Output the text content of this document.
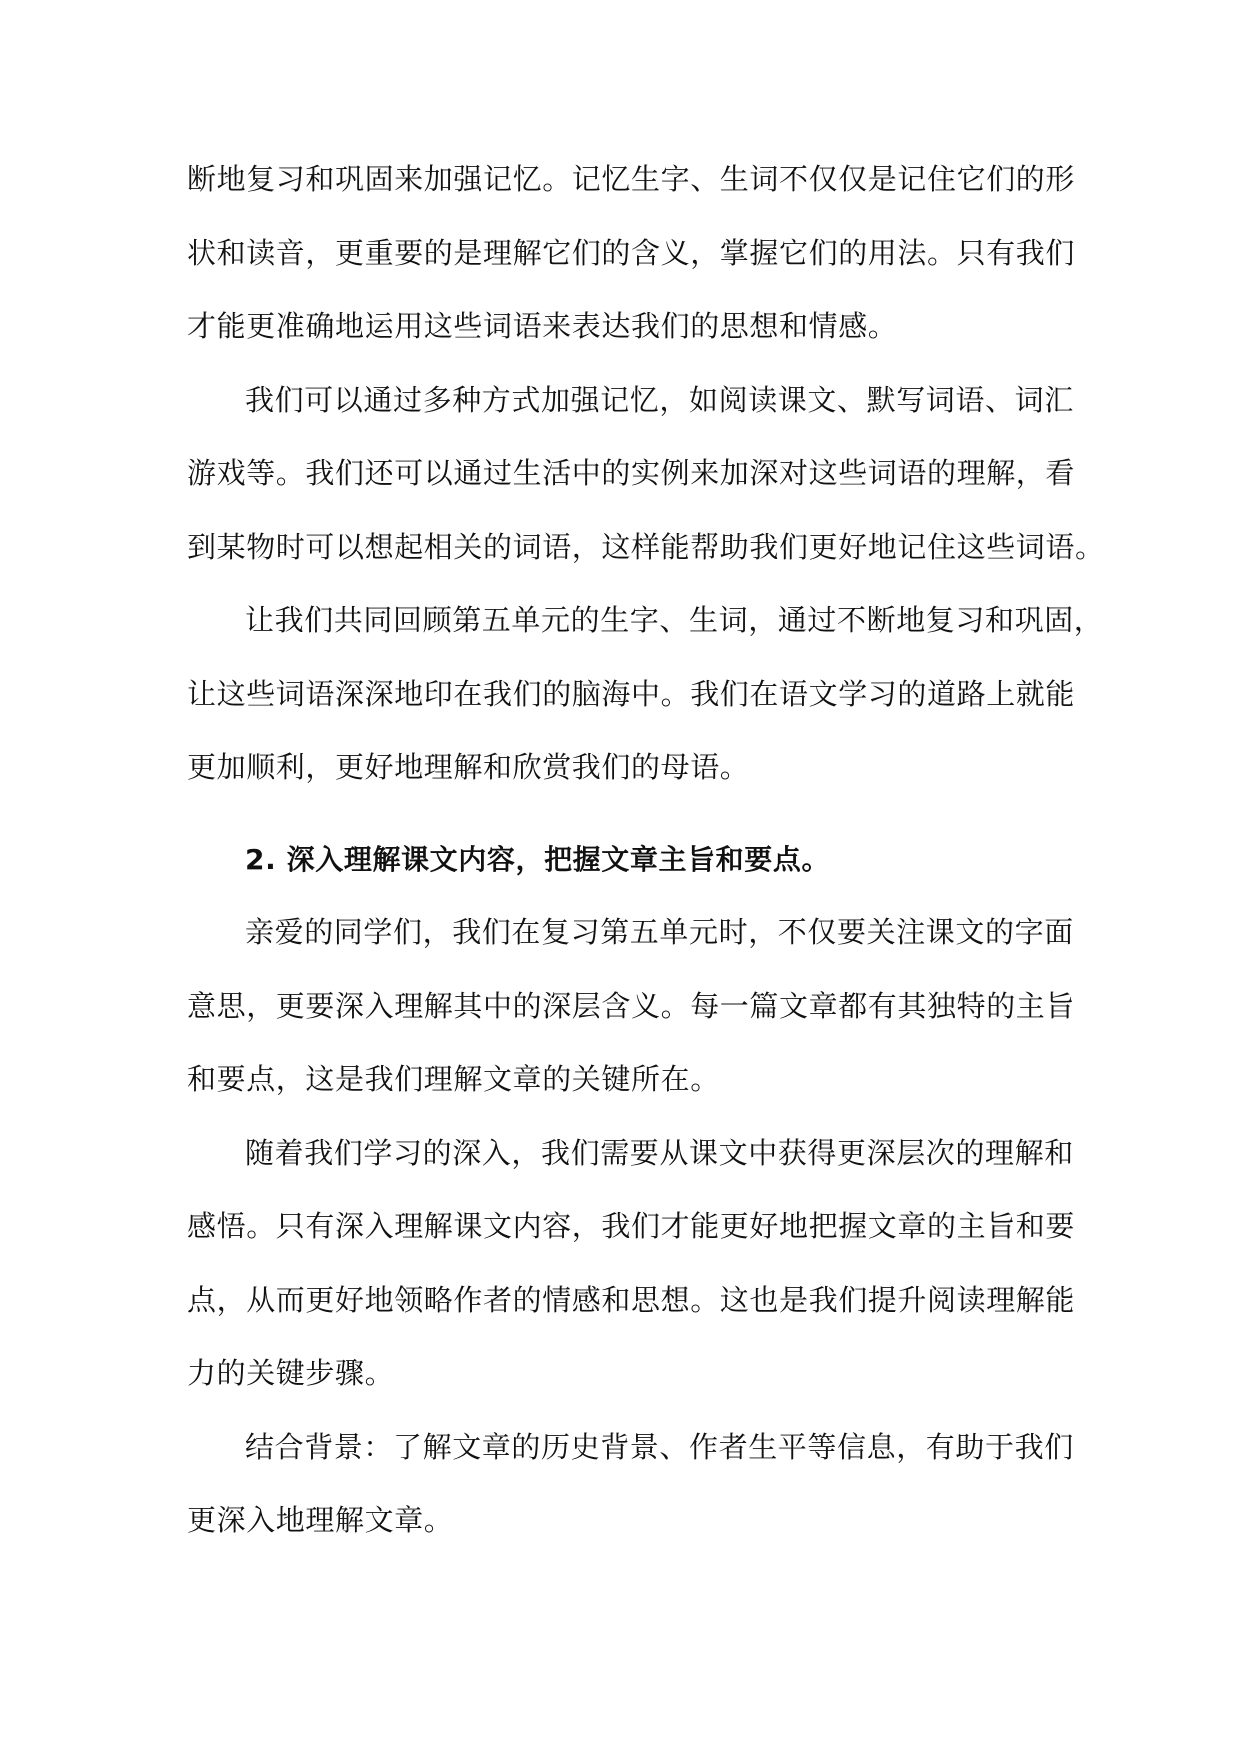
断地复习和巩固来加强记忆。记忆生字、生词不仅仅是记住它们的形
状和读音，更重要的是理解它们的含义，掌握它们的用法。只有我们
才能更准确地运用这些词语来表达我们的思想和情感。
我们可以通过多种方式加强记忆，如阅读课文、默写词语、词汇
游戏等。我们还可以通过生活中的实例来加深对这些词语的理解，看
到某物时可以想起相关的词语，这样能帮助我们更好地记住这些词语。
让我们共同回顾第五单元的生字、生词，通过不断地复习和巩固，
让这些词语深深地印在我们的脑海中。我们在语文学习的道路上就能
更加顺利，更好地理解和欣赏我们的母语。
2. 深入理解课文内容，把握文章主旨和要点。
亲爱的同学们，我们在复习第五单元时，不仅要关注课文的字面
意思，更要深入理解其中的深层含义。每一篇文章都有其独特的主旨
和要点，这是我们理解文章的关键所在。
随着我们学习的深入，我们需要从课文中获得更深层次的理解和
感悟。只有深入理解课文内容，我们才能更好地把握文章的主旨和要
点，从而更好地领略作者的情感和思想。这也是我们提升阅读理解能
力的关键步骤。
结合背景：了解文章的历史背景、作者生平等信息，有助于我们
更深入地理解文章。
